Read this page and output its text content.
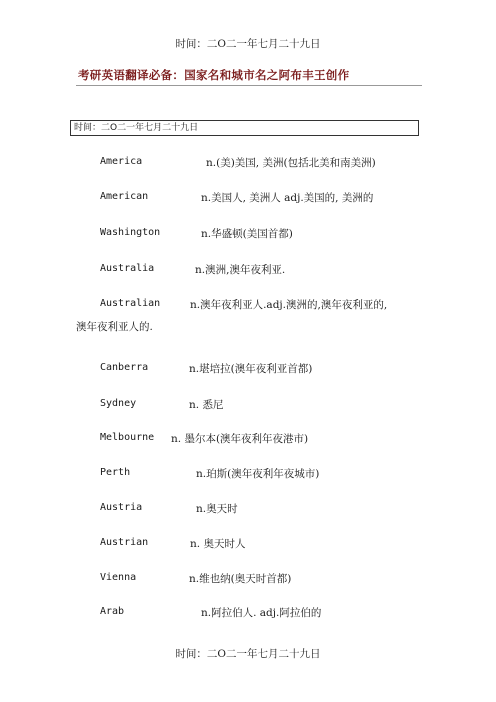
时间：二O二一年七月二十九日
考研英语翻译必备：国家名和城市名之阿布丰王创作
时间：二O二一年七月二十九日
America	n.(美)美国, 美洲(包括北美和南美洲)
American	n.美国人, 美洲人 adj.美国的, 美洲的
Washington	n.华盛顿(美国首都)
Australia	n.澳洲,澳年夜利亚.
Australian	n.澳年夜利亚人.adj.澳洲的,澳年夜利亚的,
澳年夜利亚人的.
Canberra	n.堪培拉(澳年夜利亚首都)
Sydney	n. 悉尼
Melbourne n. 墨尔本(澳年夜利年夜港市)
Perth	n.珀斯(澳年夜利年夜城市)
Austria	n.奥天时
Austrian	n. 奥天时人
Vienna	n.维也纳(奥天时首都)
Arab	n.阿拉伯人. adj.阿拉伯的
时间：二O二一年七月二十九日
